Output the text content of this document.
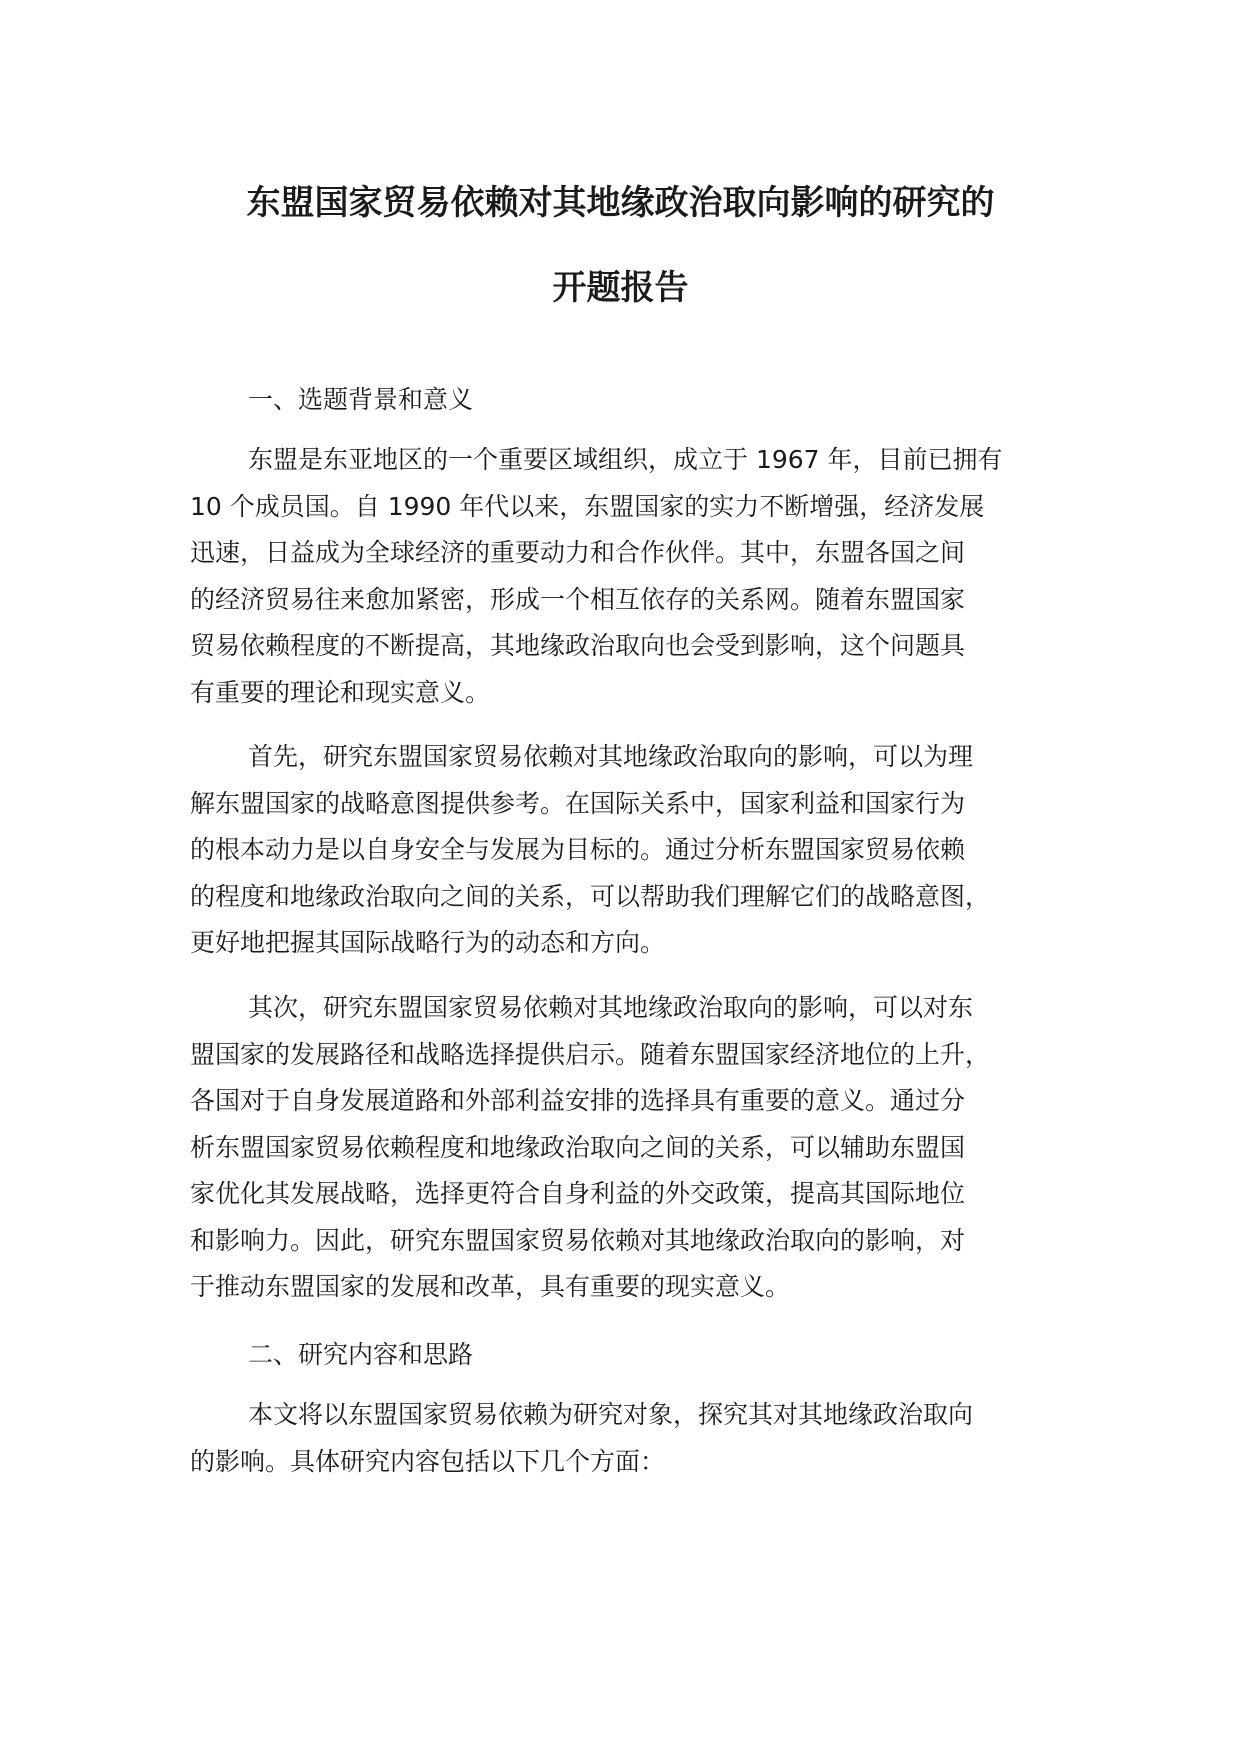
东盟国家贸易依赖对其地缘政治取向影响的研究的
开题报告
一、选题背景和意义
东盟是东亚地区的一个重要区域组织，成立于 1967 年，目前已拥有
10 个成员国。自 1990 年代以来，东盟国家的实力不断增强，经济发展
迅速，日益成为全球经济的重要动力和合作伙伴。其中，东盟各国之间
的经济贸易往来愈加紧密，形成一个相互依存的关系网。随着东盟国家
贸易依赖程度的不断提高，其地缘政治取向也会受到影响，这个问题具
有重要的理论和现实意义。
首先，研究东盟国家贸易依赖对其地缘政治取向的影响，可以为理
解东盟国家的战略意图提供参考。在国际关系中，国家利益和国家行为
的根本动力是以自身安全与发展为目标的。通过分析东盟国家贸易依赖
的程度和地缘政治取向之间的关系，可以帮助我们理解它们的战略意图，
更好地把握其国际战略行为的动态和方向。
其次，研究东盟国家贸易依赖对其地缘政治取向的影响，可以对东
盟国家的发展路径和战略选择提供启示。随着东盟国家经济地位的上升，
各国对于自身发展道路和外部利益安排的选择具有重要的意义。通过分
析东盟国家贸易依赖程度和地缘政治取向之间的关系，可以辅助东盟国
家优化其发展战略，选择更符合自身利益的外交政策，提高其国际地位
和影响力。因此，研究东盟国家贸易依赖对其地缘政治取向的影响，对
于推动东盟国家的发展和改革，具有重要的现实意义。
二、研究内容和思路
本文将以东盟国家贸易依赖为研究对象，探究其对其地缘政治取向
的影响。具体研究内容包括以下几个方面：
